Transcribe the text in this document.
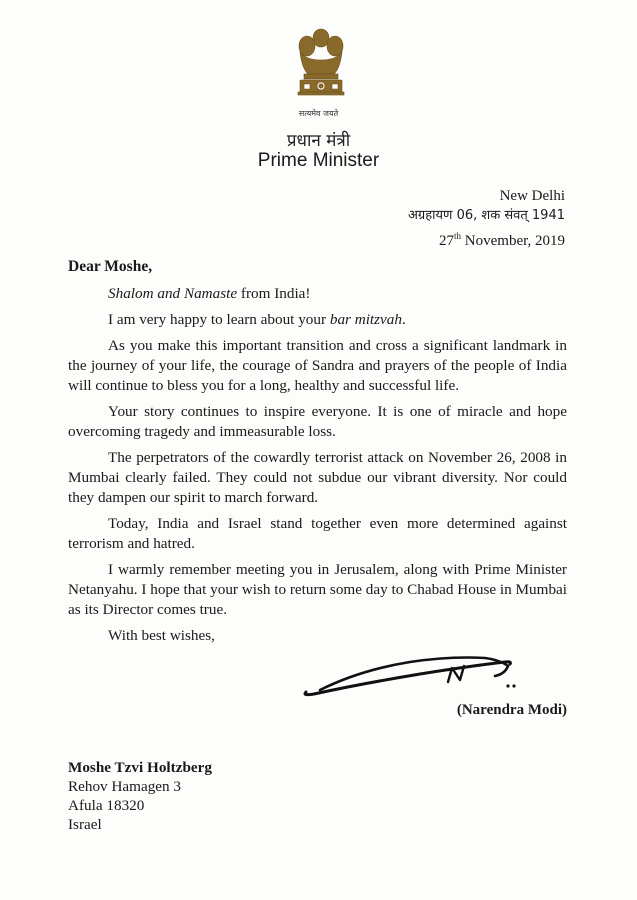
सत्यमेव जयते
प्रधान मंत्री
Prime Minister
New Delhi
अग्रहायण 06, शक संवत् 1941
27th November, 2019
Dear Moshe,

Shalom and Namaste from India!

I am very happy to learn about your bar mitzvah.

As you make this important transition and cross a significant landmark in the journey of your life, the courage of Sandra and prayers of the people of India will continue to bless you for a long, healthy and successful life.

Your story continues to inspire everyone. It is one of miracle and hope overcoming tragedy and immeasurable loss.

The perpetrators of the cowardly terrorist attack on November 26, 2008 in Mumbai clearly failed. They could not subdue our vibrant diversity. Nor could they dampen our spirit to march forward.

Today, India and Israel stand together even more determined against terrorism and hatred.

I warmly remember meeting you in Jerusalem, along with Prime Minister Netanyahu. I hope that your wish to return some day to Chabad House in Mumbai as its Director comes true.

With best wishes,

(Narendra Modi)
Moshe Tzvi Holtzberg
Rehov Hamagen 3
Afula 18320
Israel
